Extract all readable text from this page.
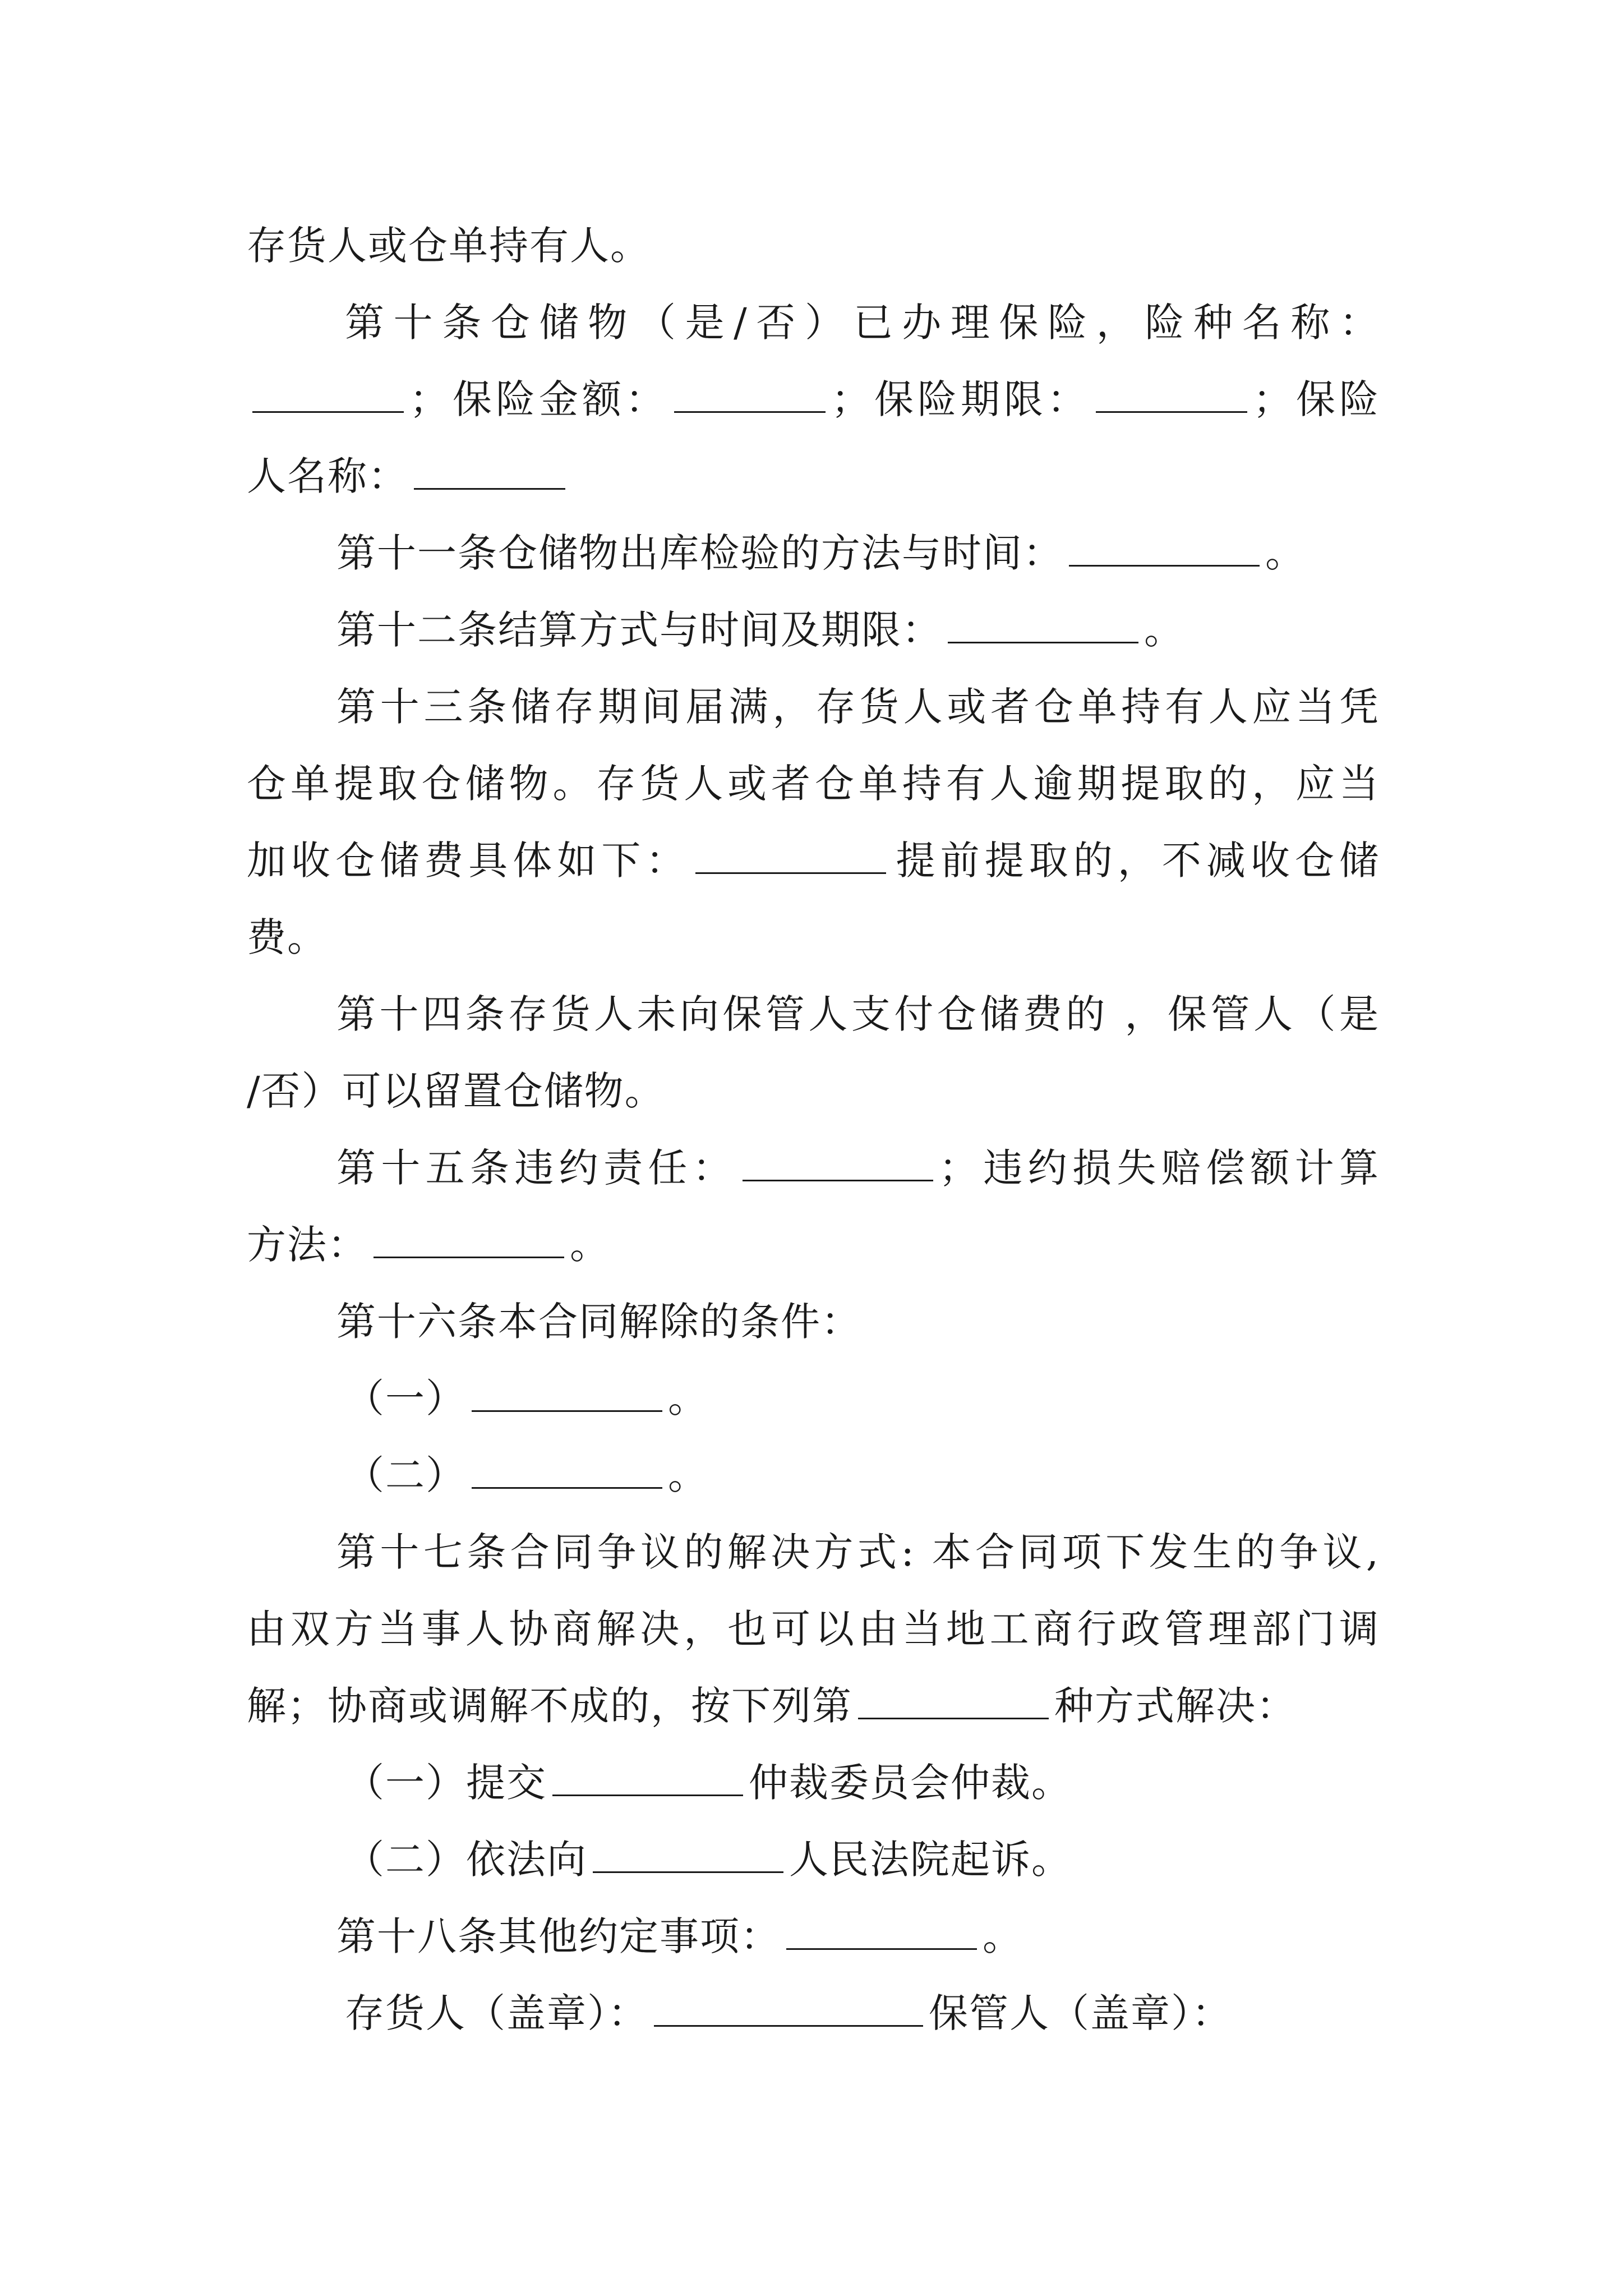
存货人或仓单持有人。
第十条仓储物（是/否）已办理保险，险种名称：
；保险金额：	；保险期限：	；保险
人名称：
第十一条仓储物出库检验的方法与时间：	。
第十二条结算方式与时间及期限：	。
第十三条储存期间届满，存货人或者仓单持有人应当凭
仓单提取仓储物。存货人或者仓单持有人逾期提取的，应当
加收仓储费具体如下：	提前提取的，不减收仓储
费。
第十四条存货人未向保管人支付仓储费的 ，保管人（是
/否）可以留置仓储物。
第十五条违约责任：	；违约损失赔偿额计算
方法：	。
第十六条本合同解除的条件：
（一）	。
（二）	。
第十七条合同争议的解决方式: 本合同项下发生的争议,
由双方当事人协商解决，也可以由当地工商行政管理部门调
解；协商或调解不成的，按下列第	种方式解决：
（一）提交	仲裁委员会仲裁。
（二）依法向	人民法院起诉。
第十八条其他约定事项：	。
存货人（盖章）：	保管人（盖章）：
